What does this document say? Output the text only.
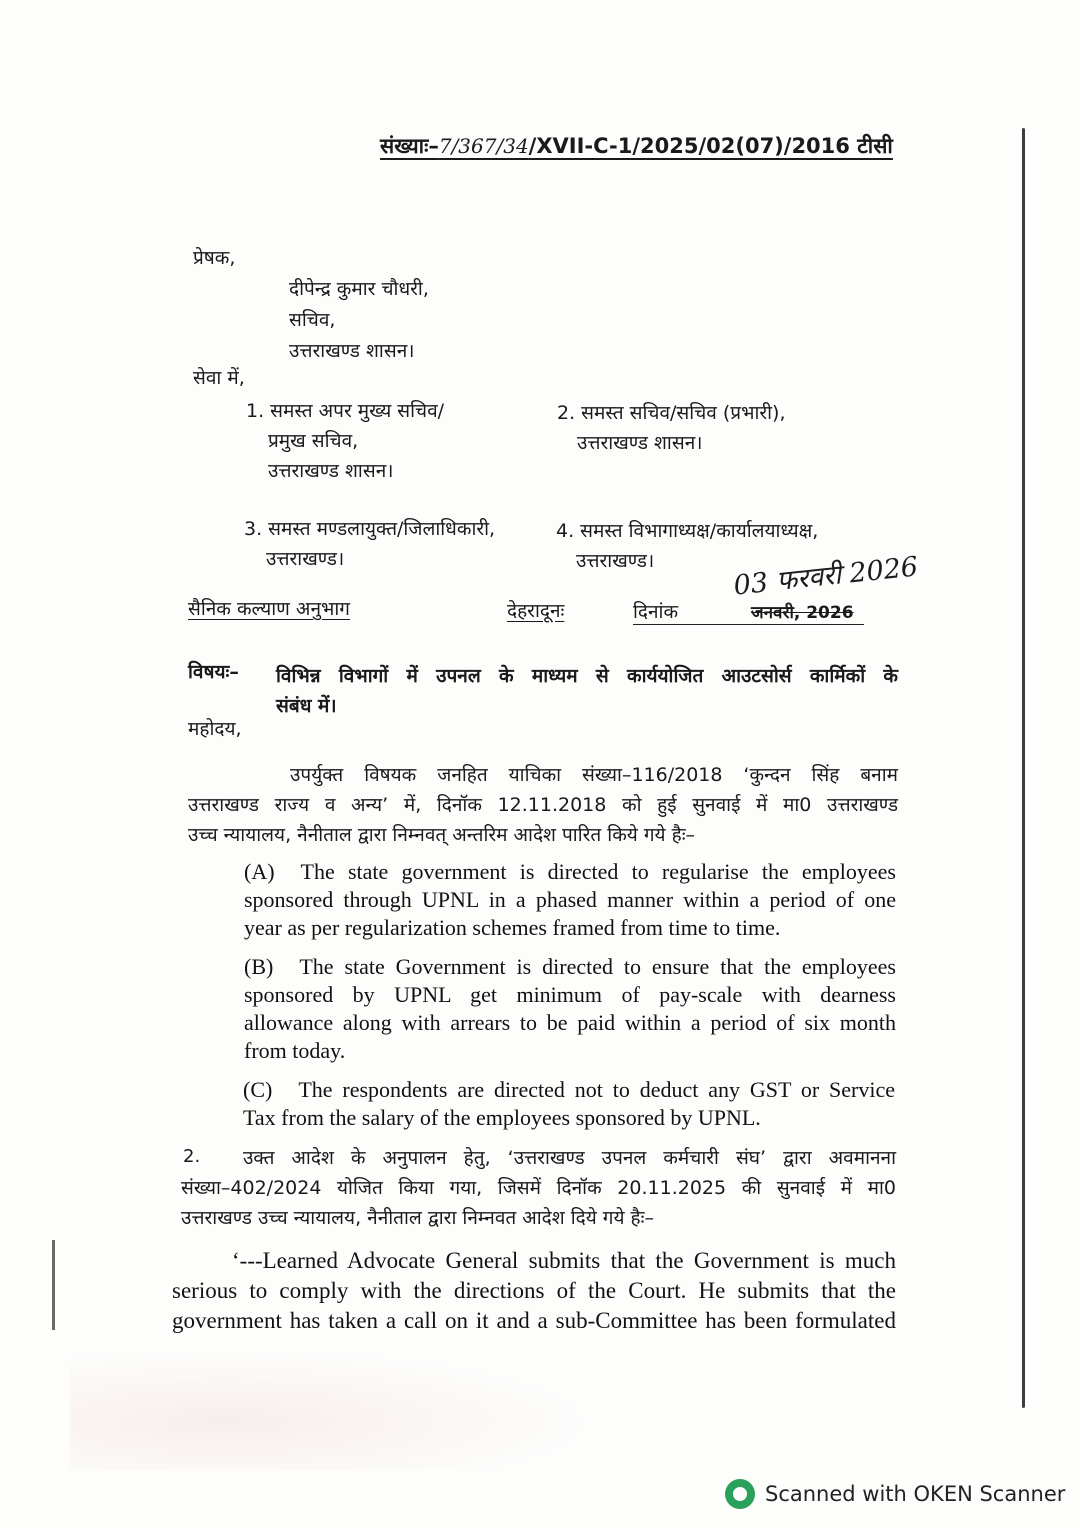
संख्याः–7/367/34/XVII-C-1/2025/02(07)/2016 टीसी
प्रेषक,
दीपेन्द्र कुमार चौधरी,
सचिव,
उत्तराखण्ड शासन।
सेवा में,
1. समस्त अपर मुख्य सचिव/
प्रमुख सचिव,
उत्तराखण्ड शासन।
2. समस्त सचिव/सचिव (प्रभारी),
उत्तराखण्ड शासन।
3. समस्त मण्डलायुक्त/जिलाधिकारी,
उत्तराखण्ड।
4. समस्त विभागाध्यक्ष/कार्यालयाध्यक्ष,
उत्तराखण्ड।
सैनिक कल्याण अनुभाग	देहरादूनः	दिनांक	जनवरी, 2026
03 फरवरी 2026
विषयः– विभिन्न विभागों में उपनल के माध्यम से कार्ययोजित आउटसोर्स कार्मिकों के
संबंध में।
महोदय,
उपर्युक्त विषयक जनहित याचिका संख्या–116/2018 ‘कुन्दन सिंह बनाम
उत्तराखण्ड राज्य व अन्य’ में, दिनॉक 12.11.2018 को हुई सुनवाई में मा0 उत्तराखण्ड
उच्च न्यायालय, नैनीताल द्वारा निम्नवत् अन्तरिम आदेश पारित किये गये हैः–
(A) The state government is directed to regularise the employees
sponsored through UPNL in a phased manner within a period of one
year as per regularization schemes framed from time to time.
(B) The state Government is directed to ensure that the employees
sponsored by UPNL get minimum of pay-scale with dearness
allowance along with arrears to be paid within a period of six month
from today.
(C) The respondents are directed not to deduct any GST or Service
Tax from the salary of the employees sponsored by UPNL.
2.	उक्त आदेश के अनुपालन हेतु, ‘उत्तराखण्ड उपनल कर्मचारी संघ’ द्वारा अवमानना
संख्या–402/2024 योजित किया गया, जिसमें दिनॉक 20.11.2025 की सुनवाई में मा0
उत्तराखण्ड उच्च न्यायालय, नैनीताल द्वारा निम्नवत आदेश दिये गये हैः–
‘---Learned Advocate General submits that the Government is much
serious to comply with the directions of the Court. He submits that the
government has taken a call on it and a sub-Committee has been formulated
Scanned with OKEN Scanner
